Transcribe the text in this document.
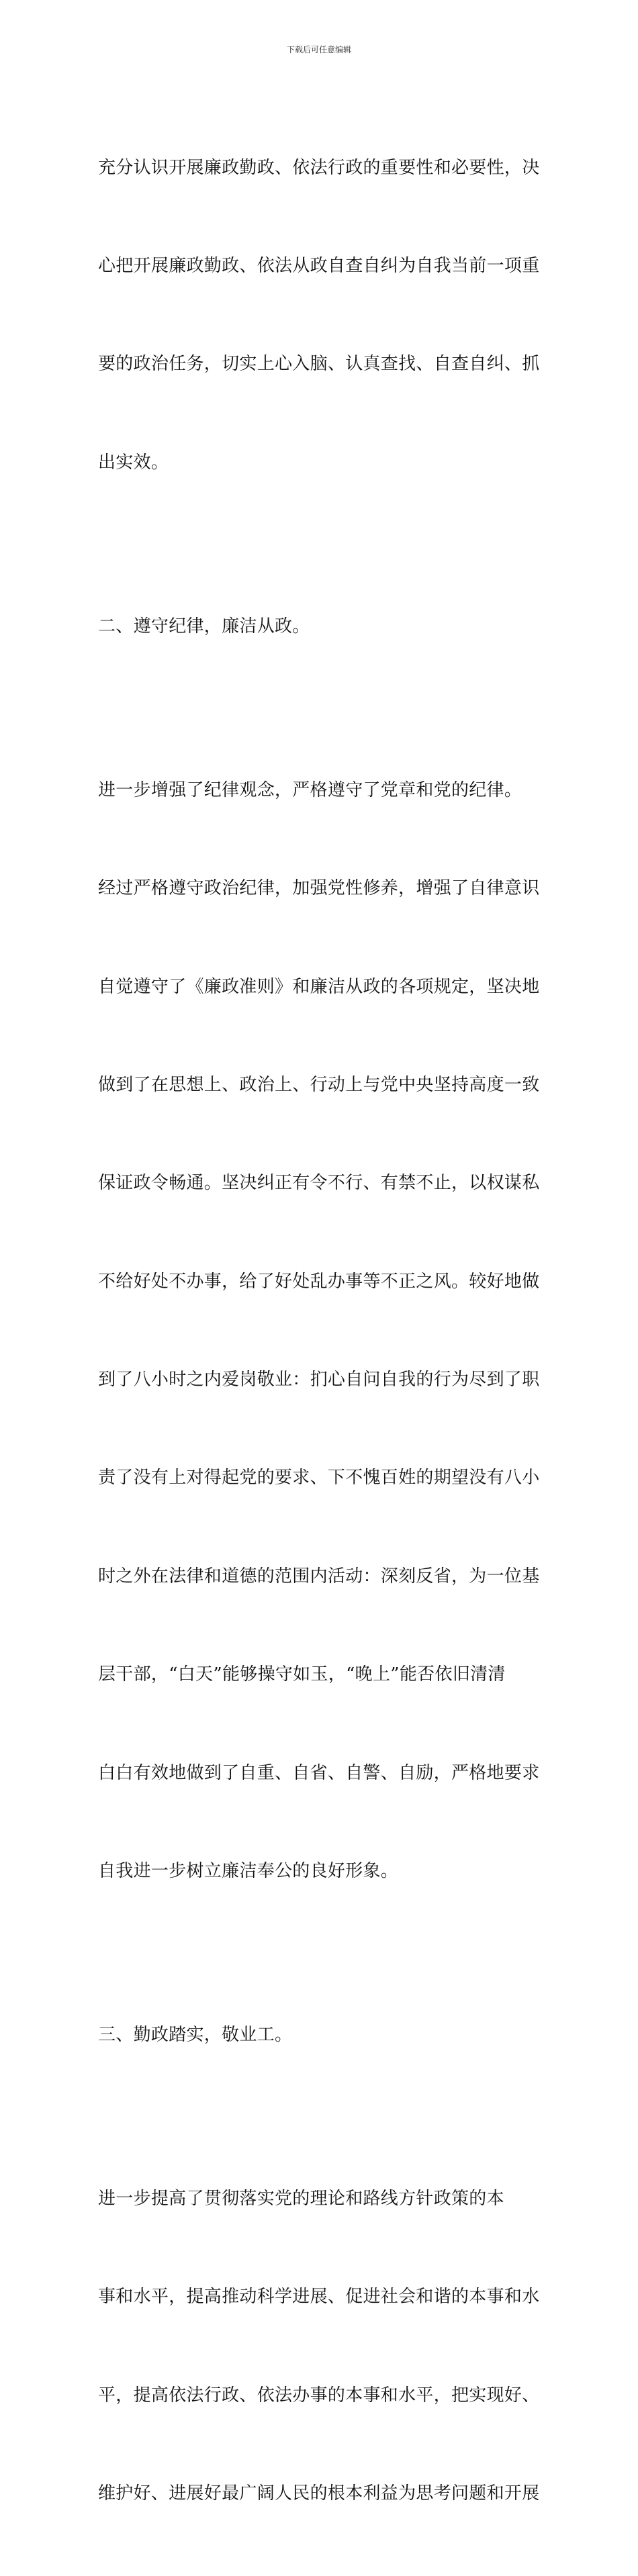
下载后可任意编辑

充分认识开展廉政勤政、依法行政的重要性和必要性，决

心把开展廉政勤政、依法从政自查自纠为自我当前一项重

要的政治任务，切实上心入脑、认真查找、自查自纠、抓

出实效。

二、遵守纪律，廉洁从政。

进一步增强了纪律观念，严格遵守了党章和党的纪律。

经过严格遵守政治纪律，加强党性修养，增强了自律意识

自觉遵守了《廉政准则》和廉洁从政的各项规定，坚决地

做到了在思想上、政治上、行动上与党中央坚持高度一致

保证政令畅通。坚决纠正有令不行、有禁不止，以权谋私

不给好处不办事，给了好处乱办事等不正之风。较好地做

到了八小时之内爱岗敬业：扪心自问自我的行为尽到了职

责了没有上对得起党的要求、下不愧百姓的期望没有八小

时之外在法律和道德的范围内活动：深刻反省，为一位基

层干部，“白天”能够操守如玉，“晚上”能否依旧清清

白白有效地做到了自重、自省、自警、自励，严格地要求

自我进一步树立廉洁奉公的良好形象。

三、勤政踏实，敬业工。

进一步提高了贯彻落实党的理论和路线方针政策的本

事和水平，提高推动科学进展、促进社会和谐的本事和水

平，提高依法行政、依法办事的本事和水平，把实现好、

维护好、进展好最广阔人民的根本利益为思考问题和开展
